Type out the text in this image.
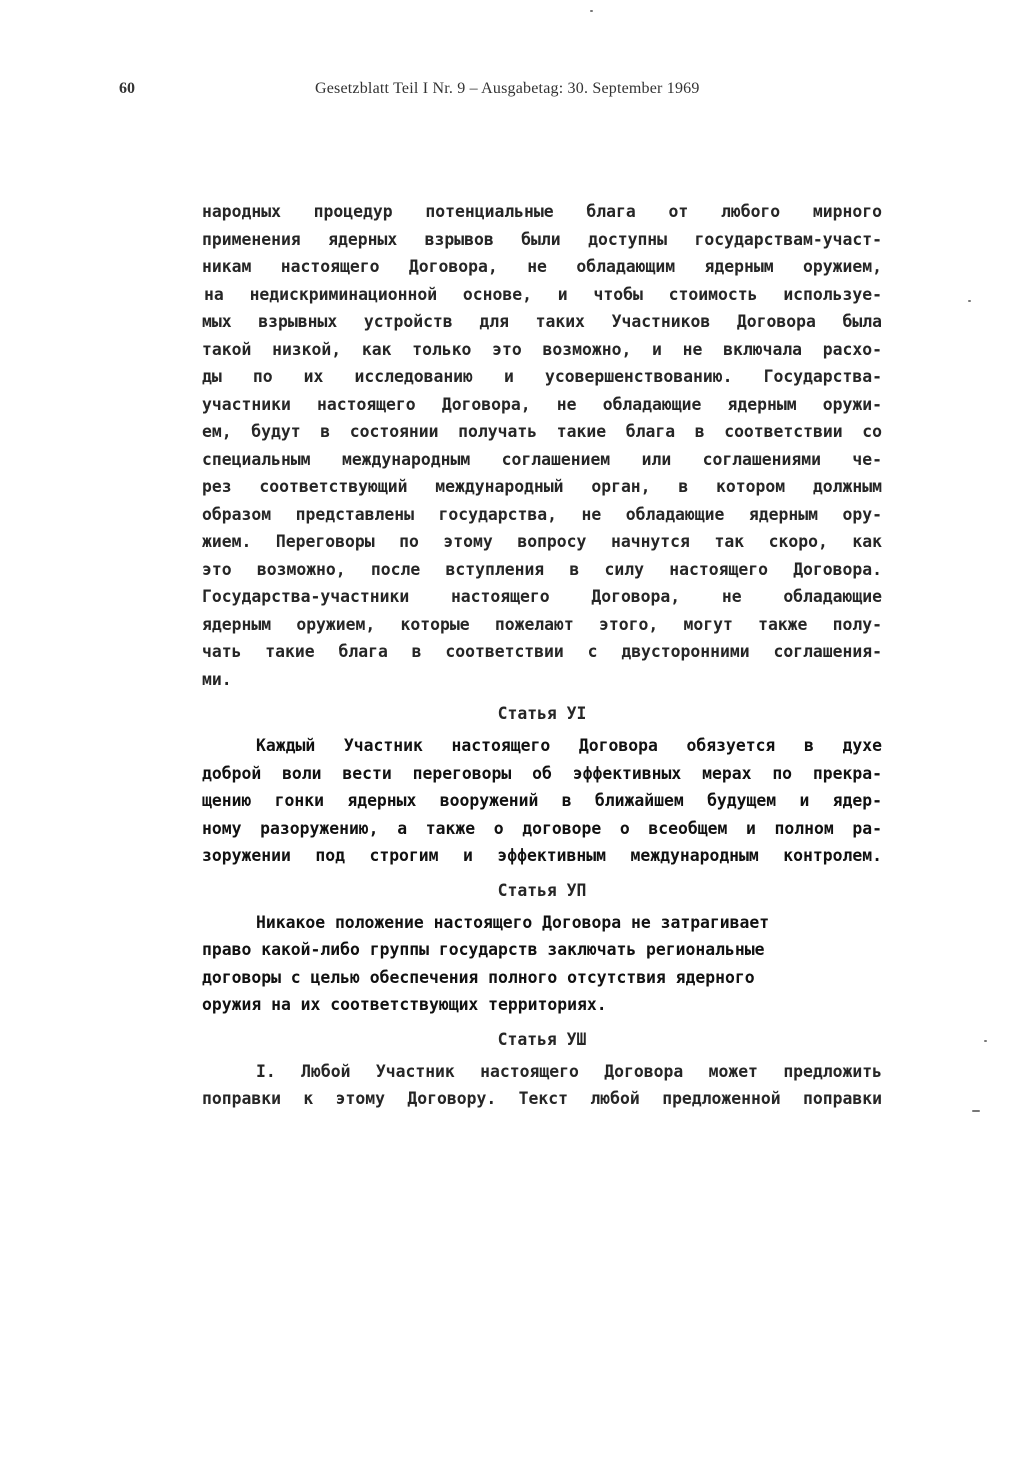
60	Gesetzblatt Teil I Nr. 9 – Ausgabetag: 30. September 1969
народных процедур потенциальные блага от любого мирного
применения ядерных взрывов были доступны государствам-участ-
никам настоящего Договора, не обладающим ядерным оружием,
на недискриминационной основе, и чтобы стоимость используе-
мых взрывных устройств для таких Участников Договора была
такой низкой, как только это возможно, и не включала расхо-
ды по их исследованию и усовершенствованию. Государства-
участники настоящего Договора, не обладающие ядерным оружи-
ем, будут в состоянии получать такие блага в соответствии со
специальным международным соглашением или соглашениями че-
рез соответствующий международный орган, в котором должным
образом представлены государства, не обладающие ядерным ору-
жием. Переговоры по этому вопросу начнутся так скоро, как
это возможно, после вступления в силу настоящего Договора.
Государства-участники настоящего Договора, не обладающие
ядерным оружием, которые пожелают этого, могут также полу-
чать такие блага в соответствии с двусторонними соглашения-
ми.
Статья УI
Каждый Участник настоящего Договора обязуется в духе
доброй воли вести переговоры об эффективных мерах по прекра-
щению гонки ядерных вооружений в ближайшем будущем и ядер-
ному разоружению, а также о договоре о всеобщем и полном ра-
зоружении под строгим и эффективным международным контролем.
Статья УП
Никакое положение настоящего Договора не затрагивает
право какой-либо группы государств заключать региональные
договоры с целью обеспечения полного отсутствия ядерного
оружия на их соответствующих территориях.
Статья УШ
I. Любой Участник настоящего Договора может предложить
поправки к этому Договору. Текст любой предложенной поправки
